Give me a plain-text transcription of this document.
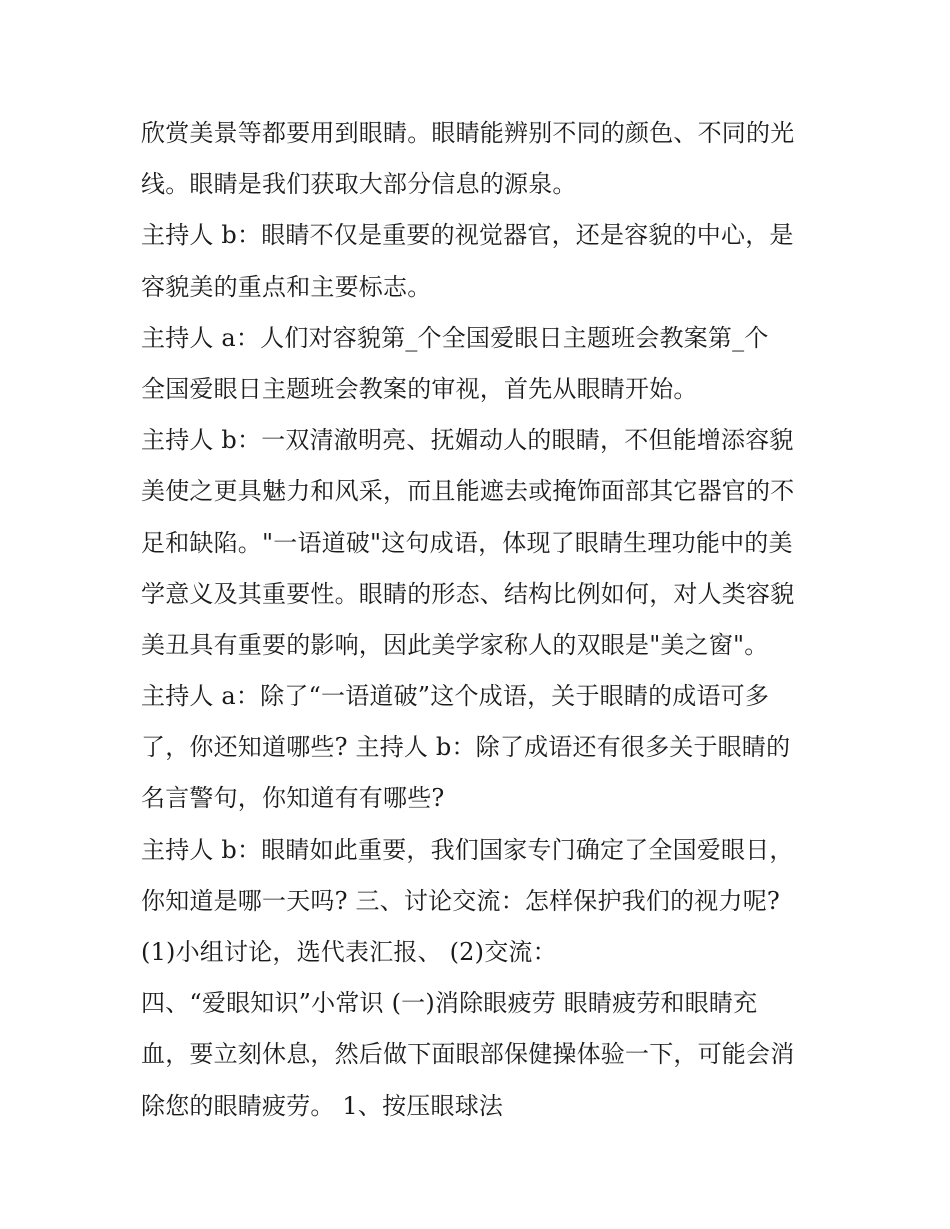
欣赏美景等都要用到眼睛。眼睛能辨别不同的颜色、不同的光
线。眼睛是我们获取大部分信息的源泉。
主持人 b：眼睛不仅是重要的视觉器官，还是容貌的中心，是
容貌美的重点和主要标志。
主持人 a：人们对容貌第_个全国爱眼日主题班会教案第_个
全国爱眼日主题班会教案的审视，首先从眼睛开始。
主持人 b：一双清澈明亮、抚媚动人的眼睛，不但能增添容貌
美使之更具魅力和风采，而且能遮去或掩饰面部其它器官的不
足和缺陷。"一语道破"这句成语，体现了眼睛生理功能中的美
学意义及其重要性。眼睛的形态、结构比例如何，对人类容貌
美丑具有重要的影响，因此美学家称人的双眼是"美之窗"。
主持人 a：除了“一语道破”这个成语，关于眼睛的成语可多
了，你还知道哪些? 主持人 b：除了成语还有很多关于眼睛的
名言警句，你知道有有哪些?
主持人 b：眼睛如此重要，我们国家专门确定了全国爱眼日，
你知道是哪一天吗? 三、讨论交流：怎样保护我们的视力呢?
(1)小组讨论，选代表汇报、 (2)交流：
四、“爱眼知识”小常识 (一)消除眼疲劳 眼睛疲劳和眼睛充
血，要立刻休息，然后做下面眼部保健操体验一下，可能会消
除您的眼睛疲劳。 1、按压眼球法
